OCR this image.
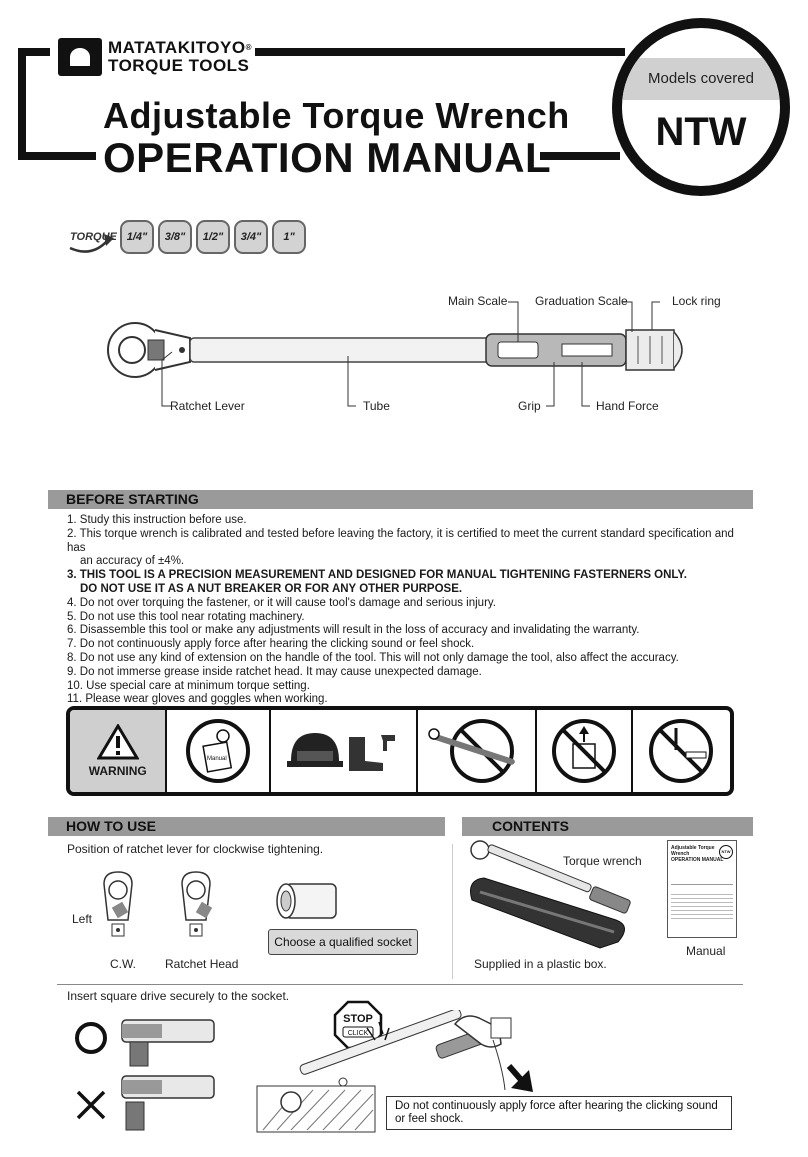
MATATAKITOYO®
TORQUE TOOLS
Adjustable Torque Wrench
OPERATION MANUAL
Models covered
NTW
TORQUE 1/4"	3/8"	1/2"	3/4"	1"
Main Scale Graduation Scale	Lock ring
Ratchet Lever	Tube	Grip	Hand Force
BEFORE STARTING
1. Study this instruction before use.
2. This torque wrench is calibrated and tested before leaving the factory, it is certified to meet the current standard specification and has
an accuracy of ±4%.
3. THIS TOOL IS A PRECISION MEASUREMENT AND DESIGNED FOR MANUAL TIGHTENING FASTERNERS ONLY.
DO NOT USE IT AS A NUT BREAKER OR FOR ANY OTHER PURPOSE.
4. Do not over torquing the fastener, or it will cause tool's damage and serious injury.
5. Do not use this tool near rotating machinery.
6. Disassemble this tool or make any adjustments will result in the loss of accuracy and invalidating the warranty.
7. Do not continuously apply force after hearing the clicking sound or feel shock.
8. Do not use any kind of extension on the handle of the tool. This will not only damage the tool, also affect the accuracy.
9. Do not immerse grease inside ratchet head. It may cause unexpected damage.
10. Use special care at minimum torque setting.
11. Please wear gloves and goggles when working.
WARNING
Manual
HOW TO USE
Position of ratchet lever for clockwise tightening.
Left
C.W. Ratchet Head
Choose a qualified socket
CONTENTS
Torque wrench
Supplied in a plastic box.
Adjustable Torque Wrench
OPERATION MANUAL
NTW
Manual
Insert square drive securely to the socket.
STOP
CLICK
Do not continuously apply force after hearing the clicking sound or feel shock.
